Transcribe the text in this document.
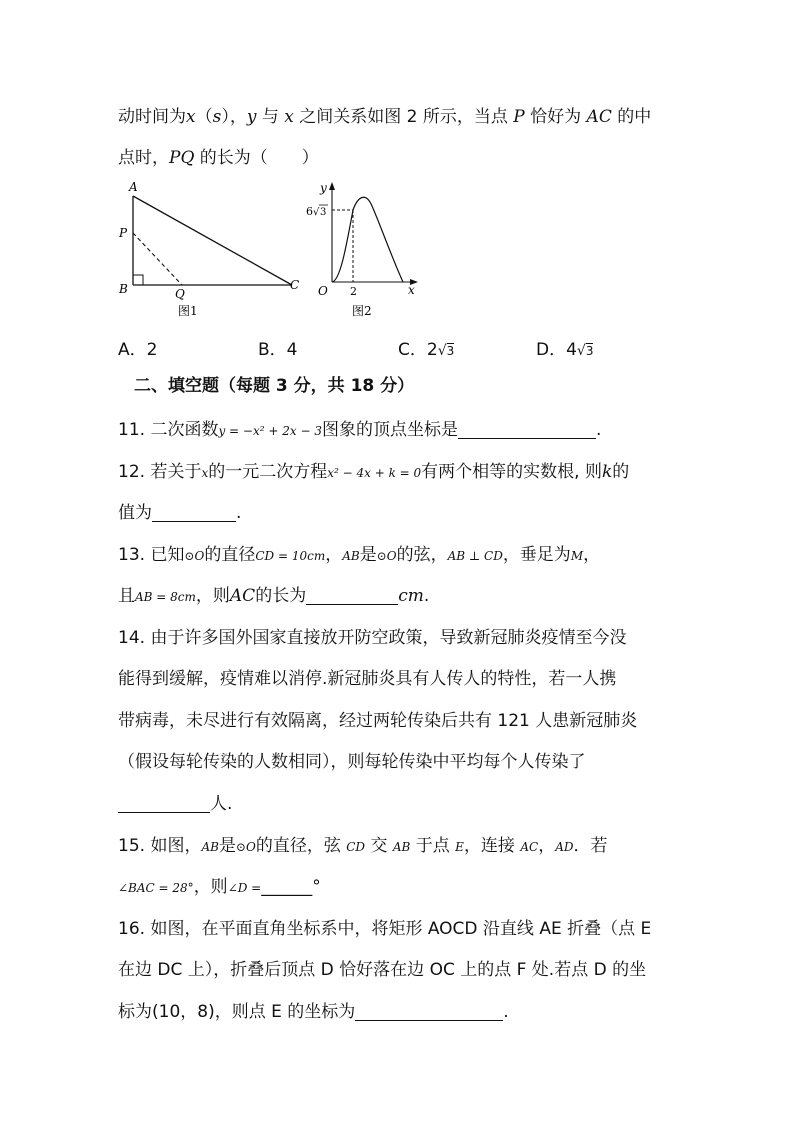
动时间为x（s），y 与 x 之间关系如图 2 所示，当点 P 恰好为 AC 的中
点时，PQ 的长为（　　）
A
P
B	Q
C
图1
y
6 √ 3
O 2	x
图2
A．2	B．4	C．2√3	D．4√3
二、填空题（每题 3 分，共 18 分）
11. 二次函数y = −x² + 2x − 3图象的顶点坐标是	.
12. 若关于x的一元二次方程x² − 4x + k = 0有两个相等的实数根, 则k的
值为	.
13. 已知⊙O的直径CD = 10cm，AB是⊙O的弦，AB ⊥ CD，垂足为M，
且AB = 8cm，则AC的长为	cm.
14. 由于许多国外国家直接放开防空政策，导致新冠肺炎疫情至今没
能得到缓解，疫情难以消停.新冠肺炎具有人传人的特性，若一人携
带病毒，未尽进行有效隔离，经过两轮传染后共有 121 人患新冠肺炎
（假设每轮传染的人数相同），则每轮传染中平均每个人传染了
人.
15. 如图，AB是⊙O的直径，弦 CD 交 AB 于点 E，连接 AC，AD．若
∠BAC = 28°，则∠D =______°
16. 如图，在平面直角坐标系中，将矩形 AOCD 沿直线 AE 折叠（点 E
在边 DC 上），折叠后顶点 D 恰好落在边 OC 上的点 F 处.若点 D 的坐
标为(10，8)，则点 E 的坐标为	.
